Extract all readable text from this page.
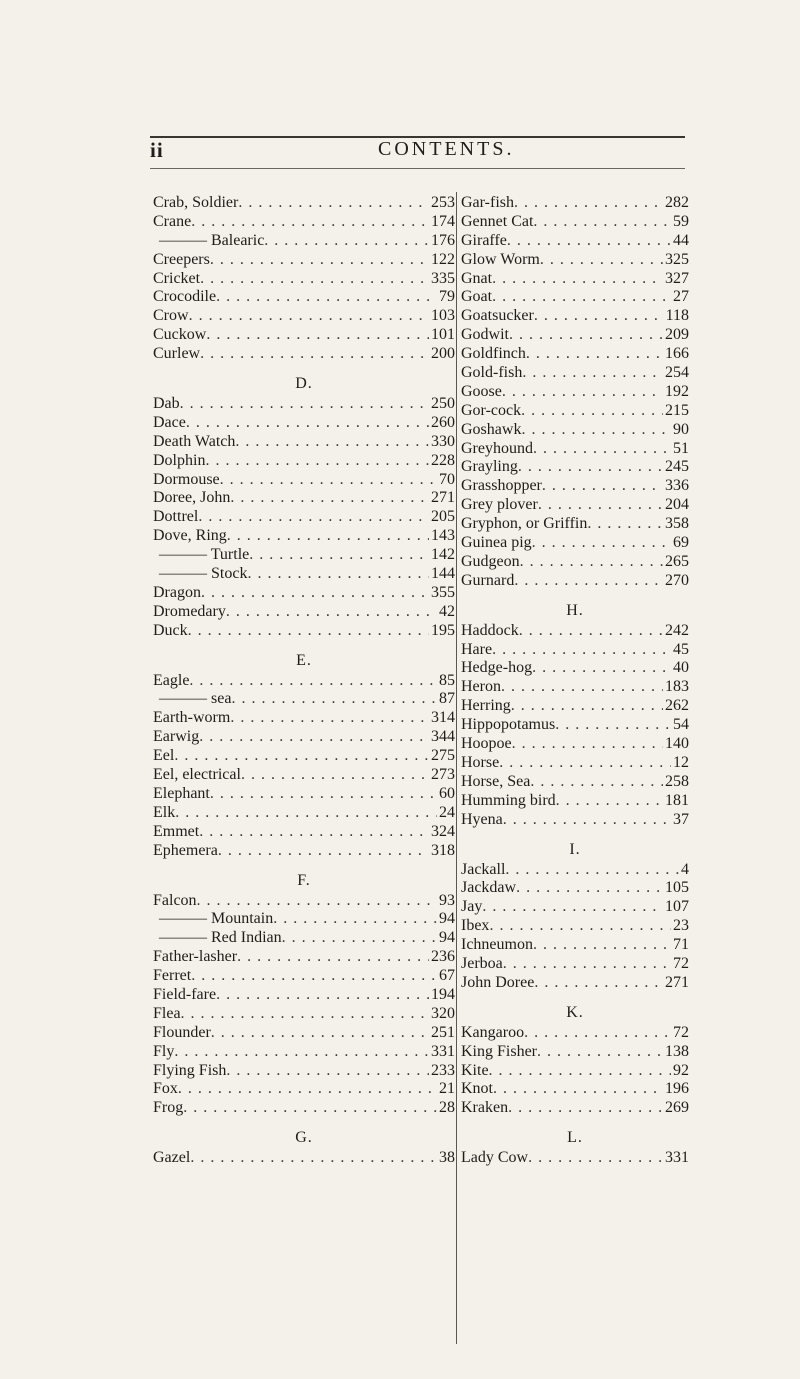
ii	CONTENTS.
Crab, Soldier . . .	253
Crane . . .	174
——— Balearic . . .	176
Creepers . . .	122
Cricket . . .	335
Crocodile . . .	79
Crow . . .	103
Cuckow . . .	101
Curlew . . .	200
D.
Dab . . .	250
Dace . . .	260
Death Watch . . .	330
Dolphin . . .	228
Dormouse . . .	70
Doree, John . . .	271
Dottrel . . .	205
Dove, Ring . . .	143
——— Turtle . . .	142
——— Stock . . .	144
Dragon . . .	355
Dromedary . . .	42
Duck . . .	195
E.
Eagle . . .	85
——— sea . . .	87
Earth-worm . . .	314
Earwig . . .	344
Eel . . .	275
Eel, electrical . . .	273
Elephant . . .	60
Elk . . .	24
Emmet . . .	324
Ephemera . . .	318
F.
Falcon . . .	93
——— Mountain . . .	94
——— Red Indian . . .	94
Father-lasher . . .	236
Ferret . . .	67
Field-fare . . .	194
Flea . . .	320
Flounder . . .	251
Fly . . .	331
Flying Fish . . .	233
Fox . . .	21
Frog . . .	28
G.
Gazel . . .	38
Gar-fish . . .	282
Gennet Cat . . .	59
Giraffe . . .	44
Glow Worm . . .	325
Gnat . . .	327
Goat . . .	27
Goatsucker . . .	118
Godwit . . .	209
Goldfinch . . .	166
Gold-fish . . .	254
Goose . . .	192
Gor-cock . . .	215
Goshawk . . .	90
Greyhound . . .	51
Grayling . . .	245
Grasshopper . . .	336
Grey plover . . .	204
Gryphon, or Griffin . . .	358
Guinea pig . . .	69
Gudgeon . . .	265
Gurnard . . .	270
H.
Haddock . . .	242
Hare . . .	45
Hedge-hog . . .	40
Heron . . .	183
Herring . . .	262
Hippopotamus . . .	54
Hoopoe . . .	140
Horse . . .	12
Horse, Sea . . .	258
Humming bird . . .	181
Hyena . . .	37
I.
Jackall . . .	4
Jackdaw . . .	105
Jay . . .	107
Ibex . . .	23
Ichneumon . . .	71
Jerboa . . .	72
John Doree . . .	271
K.
Kangaroo . . .	72
King Fisher . . .	138
Kite . . .	92
Knot . . .	196
Kraken . . .	269
L.
Lady Cow . . .	331
